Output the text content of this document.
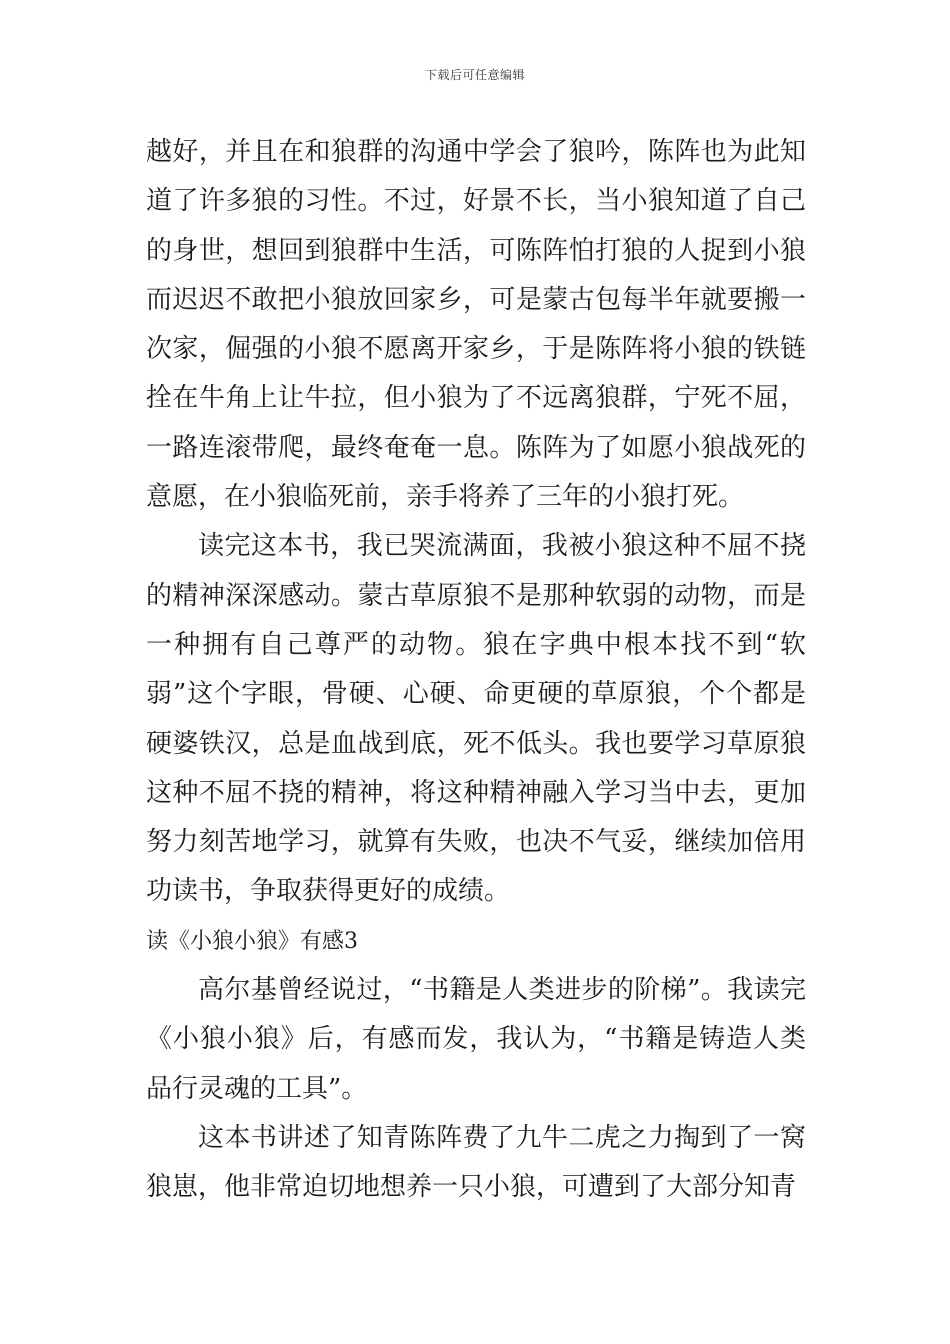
下载后可任意编辑

越好，并且在和狼群的沟通中学会了狼吟，陈阵也为此知道了许多狼的习性。不过，好景不长，当小狼知道了自己的身世，想回到狼群中生活，可陈阵怕打狼的人捉到小狼而迟迟不敢把小狼放回家乡，可是蒙古包每半年就要搬一次家，倔强的小狼不愿离开家乡，于是陈阵将小狼的铁链拴在牛角上让牛拉，但小狼为了不远离狼群，宁死不屈，一路连滚带爬，最终奄奄一息。陈阵为了如愿小狼战死的意愿，在小狼临死前，亲手将养了三年的小狼打死。

读完这本书，我已哭流满面，我被小狼这种不屈不挠的精神深深感动。蒙古草原狼不是那种软弱的动物，而是一种拥有自己尊严的动物。狼在字典中根本找不到“软弱”这个字眼，骨硬、心硬、命更硬的草原狼，个个都是硬婆铁汉，总是血战到底，死不低头。我也要学习草原狼这种不屈不挠的精神，将这种精神融入学习当中去，更加努力刻苦地学习，就算有失败，也决不气妥，继续加倍用功读书，争取获得更好的成绩。

读《小狼小狼》有感3

高尔基曾经说过，“书籍是人类进步的阶梯”。我读完《小狼小狼》后，有感而发，我认为，“书籍是铸造人类品行灵魂的工具”。

这本书讲述了知青陈阵费了九牛二虎之力掏到了一窝狼崽，他非常迫切地想养一只小狼，可遭到了大部分知青
